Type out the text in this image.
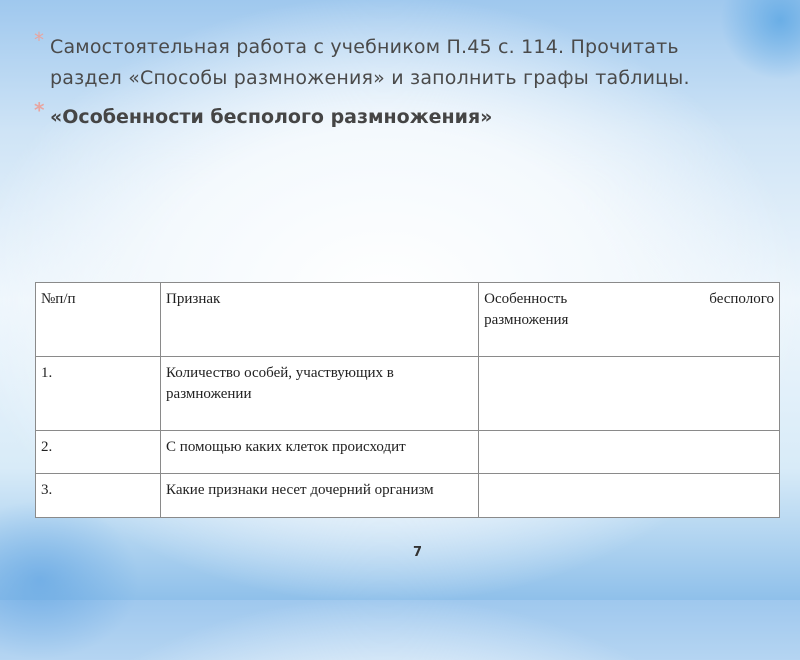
* Самостоятельная работа с учебником П.45 с. 114. Прочитать раздел «Способы размножения» и заполнить графы таблицы.
* «Особенности бесполого размножения»
№п/п	Признак	Особенность бесполого
размножения

1.	Количество особей, участвующих в размножении	
2.	С помощью каких клеток происходит	
3.	Какие признаки несет дочерний организм	
7
